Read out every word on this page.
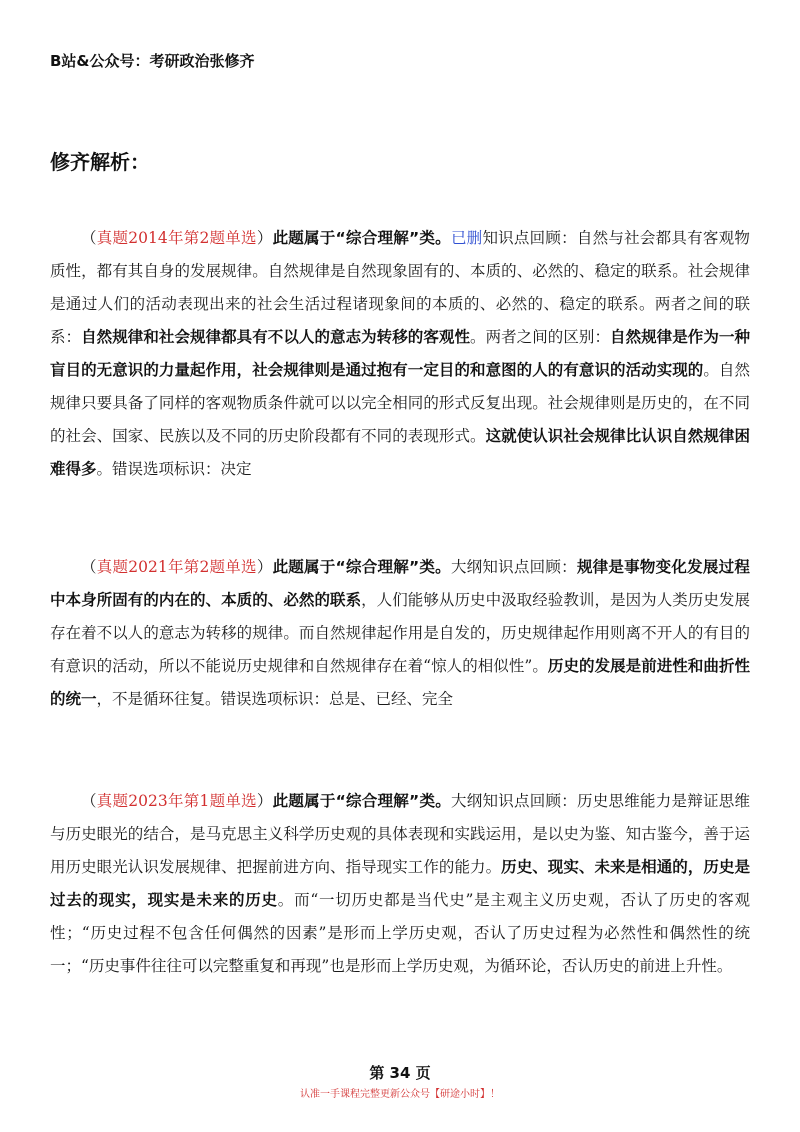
B站&公众号：考研政治张修齐
修齐解析：

（真题2014年第2题单选）此题属于“综合理解”类。已删知识点回顾：自然与社会都具有客观物质性，都有其自身的发展规律。自然规律是自然现象固有的、本质的、必然的、稳定的联系。社会规律是通过人们的活动表现出来的社会生活过程诸现象间的本质的、必然的、稳定的联系。两者之间的联系：自然规律和社会规律都具有不以人的意志为转移的客观性。两者之间的区别：自然规律是作为一种盲目的无意识的力量起作用，社会规律则是通过抱有一定目的和意图的人的有意识的活动实现的。自然规律只要具备了同样的客观物质条件就可以以完全相同的形式反复出现。社会规律则是历史的，在不同的社会、国家、民族以及不同的历史阶段都有不同的表现形式。这就使认识社会规律比认识自然规律困难得多。错误选项标识：决定

（真题2021年第2题单选）此题属于“综合理解”类。大纲知识点回顾：规律是事物变化发展过程中本身所固有的内在的、本质的、必然的联系，人们能够从历史中汲取经验教训，是因为人类历史发展存在着不以人的意志为转移的规律。而自然规律起作用是自发的，历史规律起作用则离不开人的有目的有意识的活动，所以不能说历史规律和自然规律存在着“惊人的相似性”。历史的发展是前进性和曲折性的统一，不是循环往复。错误选项标识：总是、已经、完全

（真题2023年第1题单选）此题属于“综合理解”类。大纲知识点回顾：历史思维能力是辩证思维与历史眼光的结合，是马克思主义科学历史观的具体表现和实践运用，是以史为鉴、知古鉴今，善于运用历史眼光认识发展规律、把握前进方向、指导现实工作的能力。历史、现实、未来是相通的，历史是过去的现实，现实是未来的历史。而“一切历史都是当代史”是主观主义历史观，否认了历史的客观性；“历史过程不包含任何偶然的因素”是形而上学历史观，否认了历史过程为必然性和偶然性的统一；“历史事件往往可以完整重复和再现”也是形而上学历史观，为循环论，否认历史的前进上升性。

第 34 页
认准一手课程完整更新公众号【研途小时】！
